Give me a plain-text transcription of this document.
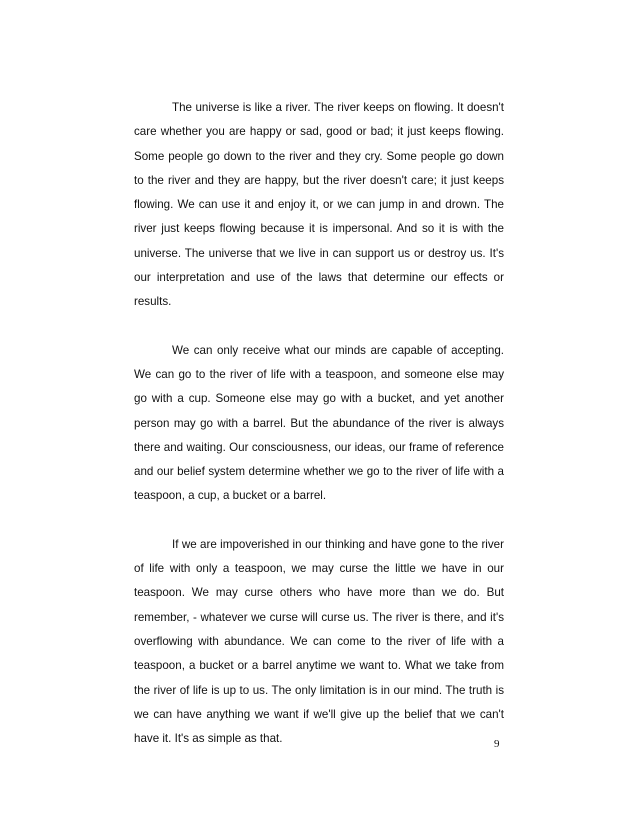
The universe is like a river. The river keeps on flowing. It doesn't care whether you are happy or sad, good or bad; it just keeps flowing. Some people go down to the river and they cry. Some people go down to the river and they are happy, but the river doesn't care; it just keeps flowing. We can use it and enjoy it, or we can jump in and drown. The river just keeps flowing because it is impersonal. And so it is with the universe. The universe that we live in can support us or destroy us. It's our interpretation and use of the laws that determine our effects or results.

We can only receive what our minds are capable of accepting. We can go to the river of life with a teaspoon, and someone else may go with a cup. Someone else may go with a bucket, and yet another person may go with a barrel. But the abundance of the river is always there and waiting. Our consciousness, our ideas, our frame of reference and our belief system determine whether we go to the river of life with a teaspoon, a cup, a bucket or a barrel.

If we are impoverished in our thinking and have gone to the river of life with only a teaspoon, we may curse the little we have in our teaspoon. We may curse others who have more than we do. But remember, - whatever we curse will curse us. The river is there, and it's overflowing with abundance. We can come to the river of life with a teaspoon, a bucket or a barrel anytime we want to. What we take from the river of life is up to us. The only limitation is in our mind. The truth is we can have anything we want if we'll give up the belief that we can't have it. It's as simple as that.	9
